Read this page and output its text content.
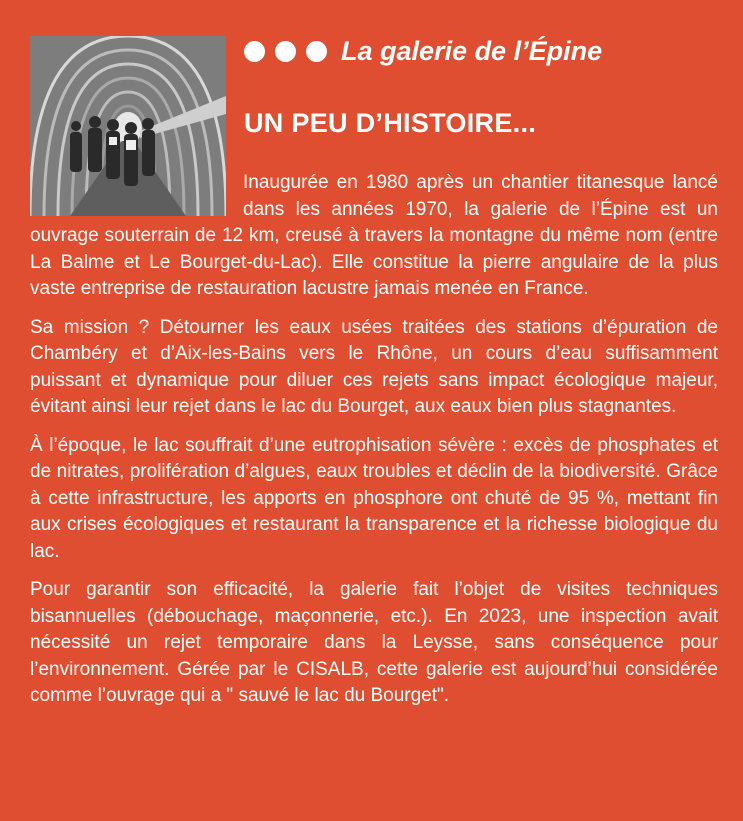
La galerie de l’Épine
UN PEU D’HISTOIRE...

Inaugurée en 1980 après un chantier titanesque lancé dans les années 1970, la galerie de l’Épine est un ouvrage souterrain de 12 km, creusé à travers la montagne du même nom (entre La Balme et Le Bourget-du-Lac). Elle constitue la pierre angulaire de la plus vaste entreprise de restauration lacustre jamais menée en France.

Sa mission ? Détourner les eaux usées traitées des stations d’épuration de Chambéry et d’Aix-les-Bains vers le Rhône, un cours d’eau suffisamment puissant et dynamique pour diluer ces rejets sans impact écologique majeur, évitant ainsi leur rejet dans le lac du Bourget, aux eaux bien plus stagnantes.

À l’époque, le lac souffrait d’une eutrophisation sévère : excès de phosphates et de nitrates, prolifération d’algues, eaux troubles et déclin de la biodiversité. Grâce à cette infrastructure, les apports en phosphore ont chuté de 95 %, mettant fin aux crises écologiques et restaurant la transparence et la richesse biologique du lac.

Pour garantir son efficacité, la galerie fait l’objet de visites techniques bisannuelles (débouchage, maçonnerie, etc.). En 2023, une inspection avait nécessité un rejet temporaire dans la Leysse, sans conséquence pour l’environnement. Gérée par le CISALB, cette galerie est aujourd’hui considérée comme l’ouvrage qui a " sauvé le lac du Bourget".
